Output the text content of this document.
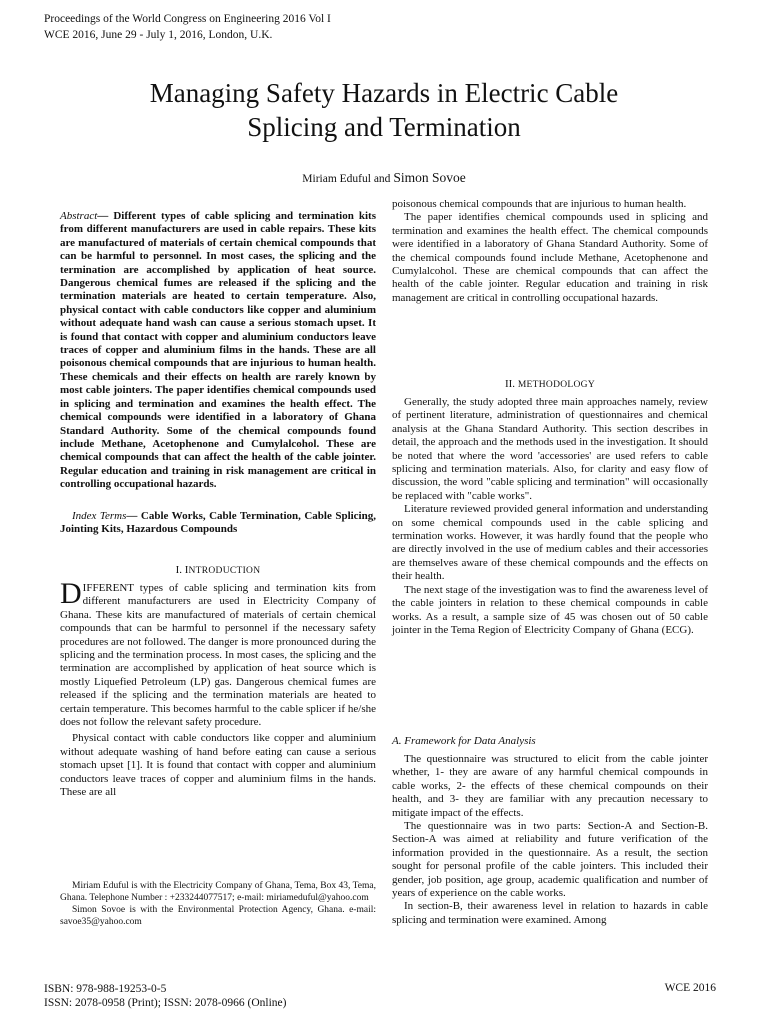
Proceedings of the World Congress on Engineering 2016 Vol I
WCE 2016, June 29 - July 1, 2016, London, U.K.
Managing Safety Hazards in Electric Cable
Splicing and Termination
Miriam Eduful and Simon Sovoe
Abstract— Different types of cable splicing and termination kits from different manufacturers are used in cable repairs. These kits are manufactured of materials of certain chemical compounds that can be harmful to personnel. In most cases, the splicing and the termination are accomplished by application of heat source. Dangerous chemical fumes are released if the splicing and the termination materials are heated to certain temperature. Also, physical contact with cable conductors like copper and aluminium without adequate hand wash can cause a serious stomach upset. It is found that contact with copper and aluminium conductors leave traces of copper and aluminium films in the hands. These are all poisonous chemical compounds that are injurious to human health. These chemicals and their effects on health are rarely known by most cable jointers. The paper identifies chemical compounds used in splicing and termination and examines the health effect. The chemical compounds were identified in a laboratory of Ghana Standard Authority. Some of the chemical compounds found include Methane, Acetophenone and Cumylalcohol. These are chemical compounds that can affect the health of the cable jointer. Regular education and training in risk management are critical in controlling occupational hazards.
Index Terms— Cable Works, Cable Termination, Cable Splicing, Jointing Kits, Hazardous Compounds
I. INTRODUCTION

DIFFERENT types of cable splicing and termination kits from different manufacturers are used in Electricity Company of Ghana. These kits are manufactured of materials of certain chemical compounds that can be harmful to personnel if the necessary safety procedures are not followed. The danger is more pronounced during the splicing and the termination process. In most cases, the splicing and the termination are accomplished by application of heat source which is mostly Liquefied Petroleum (LP) gas. Dangerous chemical fumes are released if the splicing and the termination materials are heated to certain temperature. This becomes harmful to the cable splicer if he/she does not follow the relevant safety procedure.

Physical contact with cable conductors like copper and aluminium without adequate washing of hand before eating can cause a serious stomach upset [1]. It is found that contact with copper and aluminium conductors leave traces of copper and aluminium films in the hands. These are all

Miriam Eduful is with the Electricity Company of Ghana, Tema, Box 43, Tema, Ghana. Telephone Number : +233244077517; e-mail: miriameduful@yahoo.com

Simon Sovoe is with the Environmental Protection Agency, Ghana. e-mail: savoe35@yahoo.com

poisonous chemical compounds that are injurious to human health.

The paper identifies chemical compounds used in splicing and termination and examines the health effect. The chemical compounds were identified in a laboratory of Ghana Standard Authority. Some of the chemical compounds found include Methane, Acetophenone and Cumylalcohol. These are chemical compounds that can affect the health of the cable jointer. Regular education and training in risk management are critical in controlling occupational hazards.

II. METHODOLOGY

Generally, the study adopted three main approaches namely, review of pertinent literature, administration of questionnaires and chemical analysis at the Ghana Standard Authority. This section describes in detail, the approach and the methods used in the investigation. It should be noted that where the word 'accessories' are used refers to cable splicing and termination materials. Also, for clarity and easy flow of discussion, the word "cable splicing and termination" will occasionally be replaced with "cable works".

Literature reviewed provided general information and understanding on some chemical compounds used in the cable splicing and termination works. However, it was hardly found that the people who are directly involved in the use of medium cables and their accessories are themselves aware of these chemical compounds and the effects on their health.

The next stage of the investigation was to find the awareness level of the cable jointers in relation to these chemical compounds in cable works. As a result, a sample size of 45 was chosen out of 50 cable jointer in the Tema Region of Electricity Company of Ghana (ECG).

A. Framework for Data Analysis

The questionnaire was structured to elicit from the cable jointer whether, 1- they are aware of any harmful chemical compounds in cable works, 2- the effects of these chemical compounds on their health, and 3- they are familiar with any precaution necessary to mitigate impact of the effects.

The questionnaire was in two parts: Section-A and Section-B. Section-A was aimed at reliability and future verification of the information provided in the questionnaire. As a result, the section sought for personal profile of the cable jointers. This included their gender, job position, age group, academic qualification and number of years of experience on the cable works.

In section-B, their awareness level in relation to hazards in cable splicing and termination were examined. Among

ISBN: 978-988-19253-0-5
ISSN: 2078-0958 (Print); ISSN: 2078-0966 (Online)
WCE 2016
